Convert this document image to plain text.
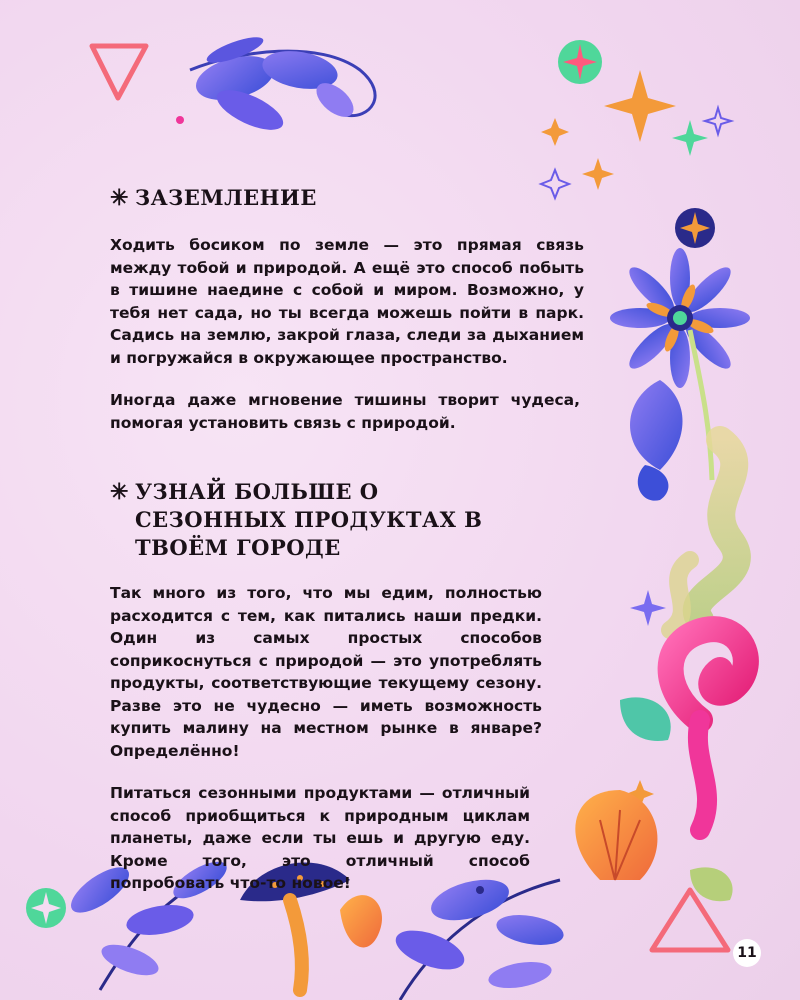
✳ ЗАЗЕМЛЕНИЕ

Ходить босиком по земле — это прямая связь между тобой и природой. А ещё это способ побыть в тишине наедине с собой и миром. Возможно, у тебя нет сада, но ты всегда можешь пойти в парк. Садись на землю, закрой глаза, следи за дыханием и погружайся в окружающее пространство.

Иногда даже мгновение тишины творит чудеса, помогая установить связь с природой.

✳ УЗНАЙ БОЛЬШЕ О СЕЗОННЫХ ПРОДУКТАХ В ТВОЁМ ГОРОДЕ

Так много из того, что мы едим, полностью расходится с тем, как питались наши предки. Один из самых простых способов соприкоснуться с природой — это употреблять продукты, соответствующие текущему сезону. Разве это не чудесно — иметь возможность купить малину на местном рынке в январе? Определённо!

Питаться сезонными продуктами — отличный способ приобщиться к природным циклам планеты, даже если ты ешь и другую еду. Кроме того, это отличный способ попробовать что-то новое!

11
